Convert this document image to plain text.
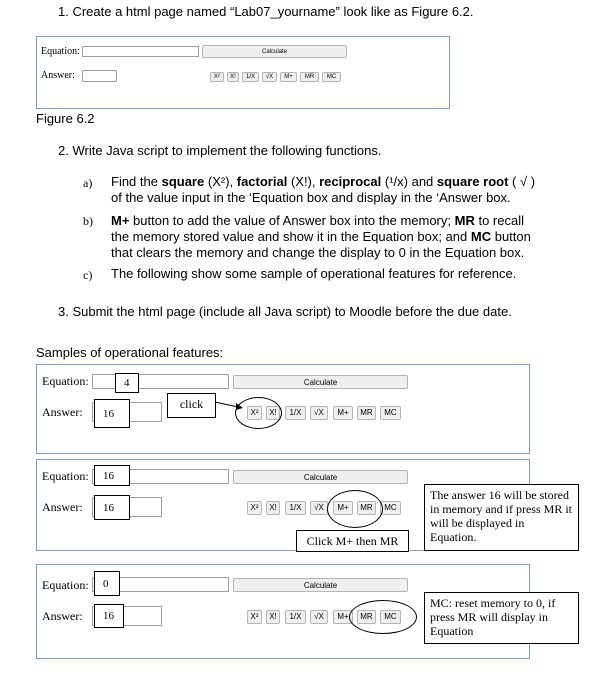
1. Create a html page named “Lab07_yourname” look like as Figure 6.2.
Equation:	Calculate
Answer:	X²	X!	1/X	√X	M+	MR	MC
Figure 6.2
2. Write Java script to implement the following functions.
a) Find the square (X²), factorial (X!), reciprocal (¹/x) and square root ( √ )
of the value input in the ‘Equation box and display in the ‘Answer box.
b) M+ button to add the value of Answer box into the memory; MR to recall
the memory stored value and show it in the Equation box; and MC button
that clears the memory and change the display to 0 in the Equation box.
c) The following show some sample of operational features for reference.
3. Submit the html page (include all Java script) to Moodle before the due date.
Samples of operational features:
Equation:	4	Calculate
Answer:	16
click
X²	X!	1/X	√X	M+	MR	MC
Equation:	16	Calculate
Answer:	16	X²	X!	1/X	√X	M+	MR	MC
Click M+ then MR
The answer 16 will be stored in memory and if press MR it will be displayed in Equation.
Equation:	0	Calculate
Answer:	16	X²	X!	1/X	√X	M+	MR	MC
MC: reset memory to 0, if press MR will display in Equation
